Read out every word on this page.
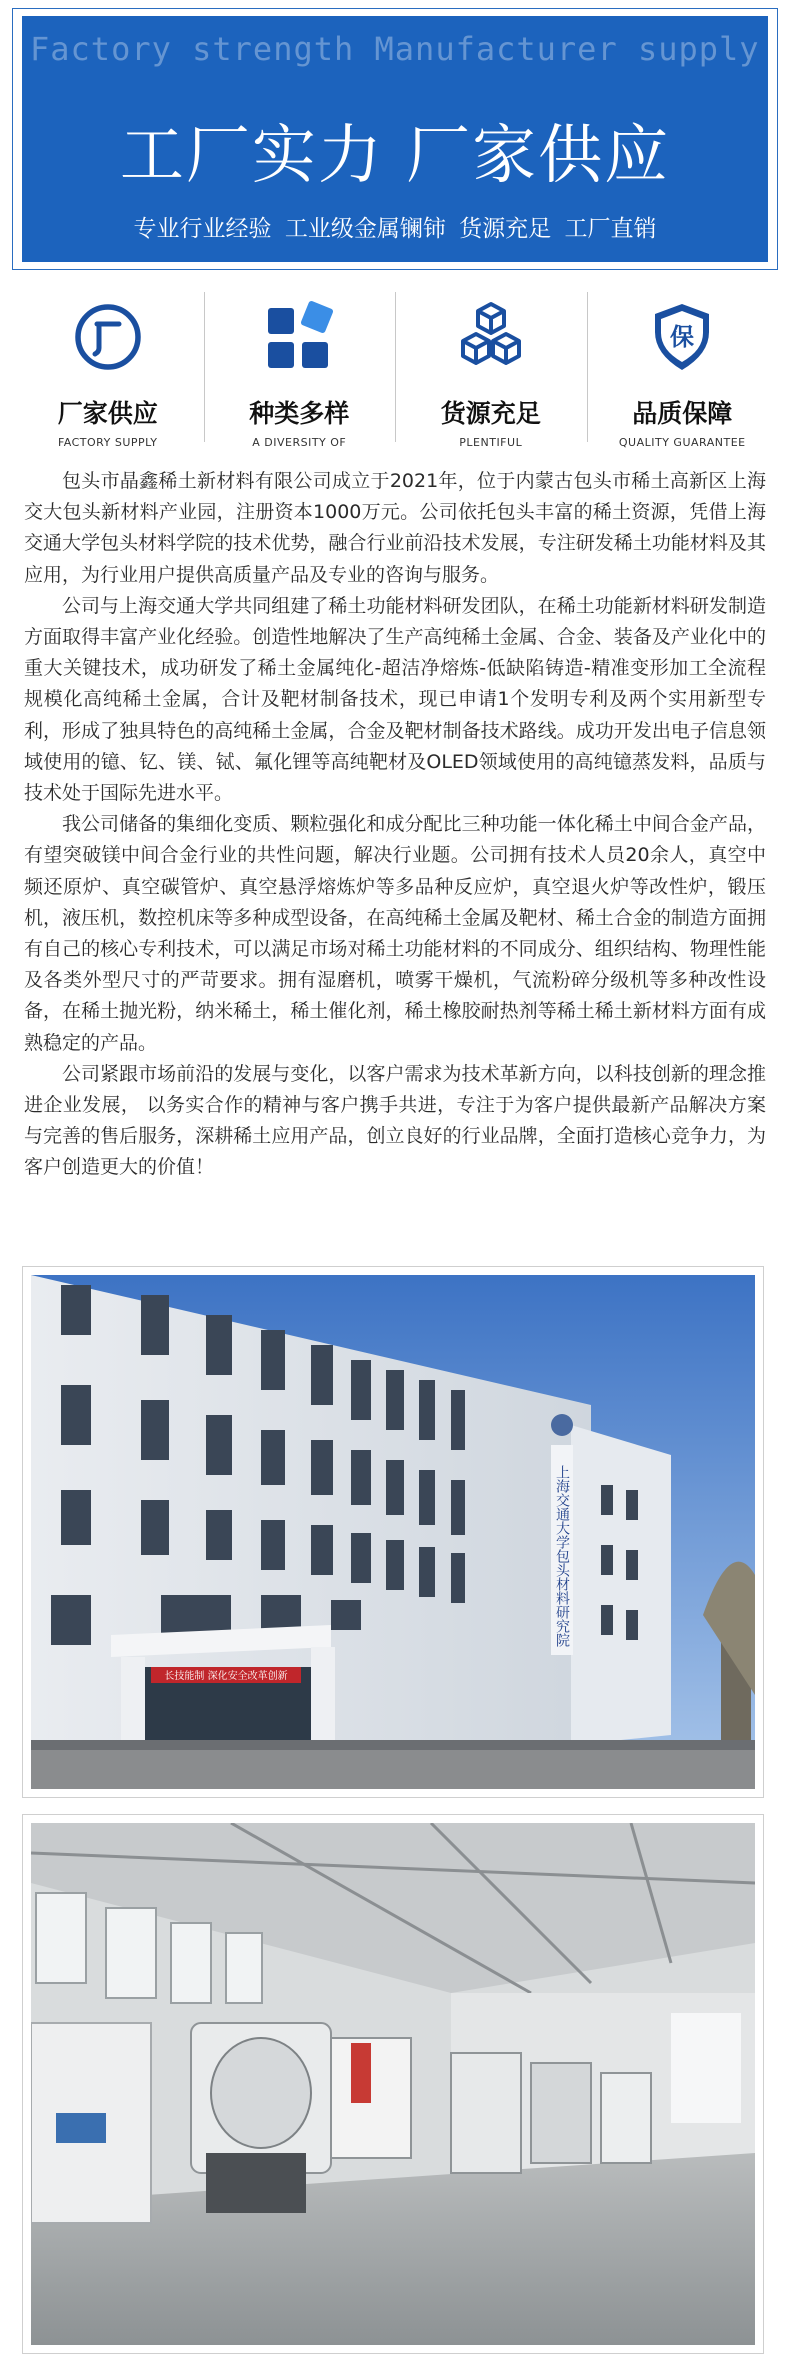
Factory strength Manufacturer supply
工厂实力 厂家供应
专业行业经验 工业级金属镧铈 货源充足 工厂直销
厂家供应
FACTORY SUPPLY
种类多样
A DIVERSITY OF
货源充足
PLENTIFUL
保
品质保障
QUALITY GUARANTEE

包头市晶鑫稀土新材料有限公司成立于2021年，位于内蒙古包头市稀土高新区上海交大包头新材料产业园，注册资本1000万元。公司依托包头丰富的稀土资源，凭借上海交通大学包头材料学院的技术优势，融合行业前沿技术发展，专注研发稀土功能材料及其应用，为行业用户提供高质量产品及专业的咨询与服务。

公司与上海交通大学共同组建了稀土功能材料研发团队，在稀土功能新材料研发制造方面取得丰富产业化经验。创造性地解决了生产高纯稀土金属、合金、装备及产业化中的重大关键技术，成功研发了稀土金属纯化-超洁净熔炼-低缺陷铸造-精准变形加工全流程规模化高纯稀土金属，合计及靶材制备技术，现已申请1个发明专利及两个实用新型专利，形成了独具特色的高纯稀土金属，合金及靶材制备技术路线。成功开发出电子信息领域使用的镱、钇、镁、铽、氟化锂等高纯靶材及OLED领域使用的高纯镱蒸发料，品质与技术处于国际先进水平。

我公司储备的集细化变质、颗粒强化和成分配比三种功能一体化稀土中间合金产品，有望突破镁中间合金行业的共性问题，解决行业题。公司拥有技术人员20余人，真空中频还原炉、真空碳管炉、真空悬浮熔炼炉等多品种反应炉，真空退火炉等改性炉，锻压机，液压机，数控机床等多种成型设备，在高纯稀土金属及靶材、稀土合金的制造方面拥有自己的核心专利技术，可以满足市场对稀土功能材料的不同成分、组织结构、物理性能及各类外型尺寸的严苛要求。拥有湿磨机，喷雾干燥机，气流粉碎分级机等多种改性设备，在稀土抛光粉，纳米稀土，稀土催化剂，稀土橡胶耐热剂等稀土稀土新材料方面有成熟稳定的产品。

公司紧跟市场前沿的发展与变化，以客户需求为技术革新方向，以科技创新的理念推进企业发展， 以务实合作的精神与客户携手共进，专注于为客户提供最新产品解决方案与完善的售后服务，深耕稀土应用产品，创立良好的行业品牌，全面打造核心竞争力，为客户创造更大的价值！

上海交通大学包头材料研究院
长技能制 深化安全改革创新
